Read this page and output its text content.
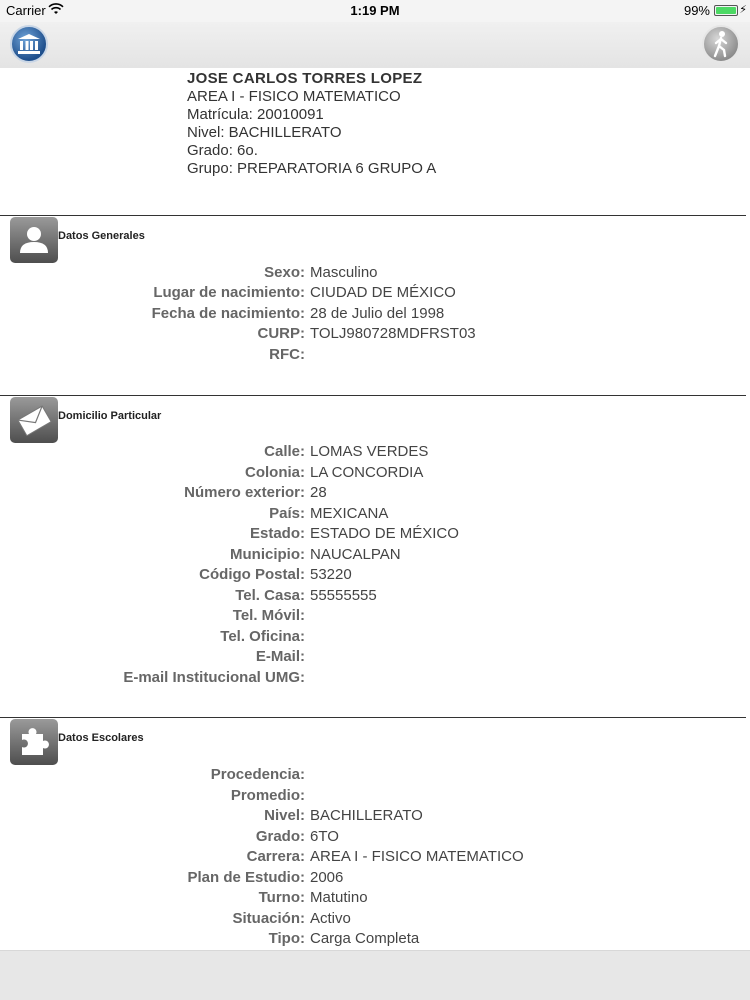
Carrier	1:19 PM	99%	⚡
JOSE CARLOS TORRES LOPEZ
AREA I - FISICO MATEMATICO
Matrícula: 20010091
Nivel: BACHILLERATO
Grado: 6o.
Grupo: PREPARATORIA 6 GRUPO A
Datos Generales
Sexo: Masculino
Lugar de nacimiento: CIUDAD DE MÉXICO
Fecha de nacimiento: 28 de Julio del 1998
CURP: TOLJ980728MDFRST03
RFC:
Domicilio Particular
Calle: LOMAS VERDES
Colonia: LA CONCORDIA
Número exterior: 28
País: MEXICANA
Estado: ESTADO DE MÉXICO
Municipio: NAUCALPAN
Código Postal: 53220
Tel. Casa: 55555555
Tel. Móvil:
Tel. Oficina:
E-Mail:
E-mail Institucional UMG:
Datos Escolares
Procedencia:
Promedio:
Nivel: BACHILLERATO
Grado: 6TO
Carrera: AREA I - FISICO MATEMATICO
Plan de Estudio: 2006
Turno: Matutino
Situación: Activo
Tipo: Carga Completa
